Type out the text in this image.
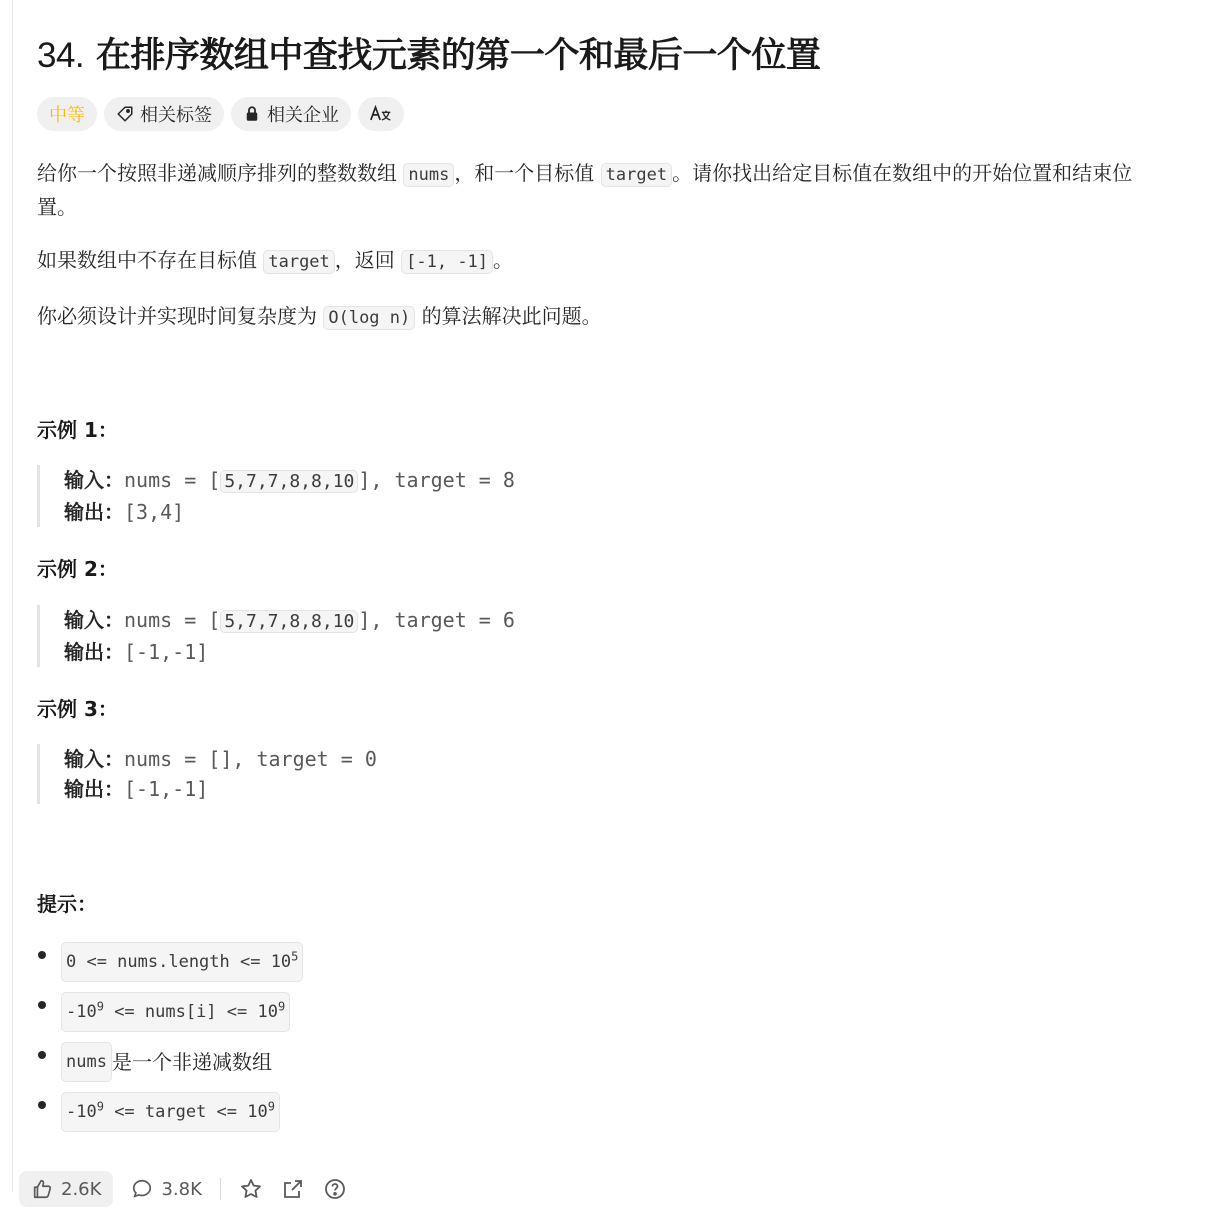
34. 在排序数组中查找元素的第一个和最后一个位置
中等	相关标签	相关企业

给你一个按照非递减顺序排列的整数数组 nums ，和一个目标值 target 。请你找出给定目标值在数组中的开始位置和结束位
置。

如果数组中不存在目标值 target ，返回 [-1, -1] 。

你必须设计并实现时间复杂度为 O(log n) 的算法解决此问题。

示例 1：
输入：nums = [ 5,7,7,8,8,10 ], target = 8
输出：[3,4]
示例 2：
输入：nums = [ 5,7,7,8,8,10 ], target = 6
输出：[-1,-1]
示例 3：
输入：nums = [], target = 0
输出：[-1,-1]
提示：
0 <= nums.length <= $10^5$
$-10^9$ <= nums[i] <= $10^9$
nums 是一个非递减数组
$-10^9$ <= target <= $10^9$
2.6K	3.8K
